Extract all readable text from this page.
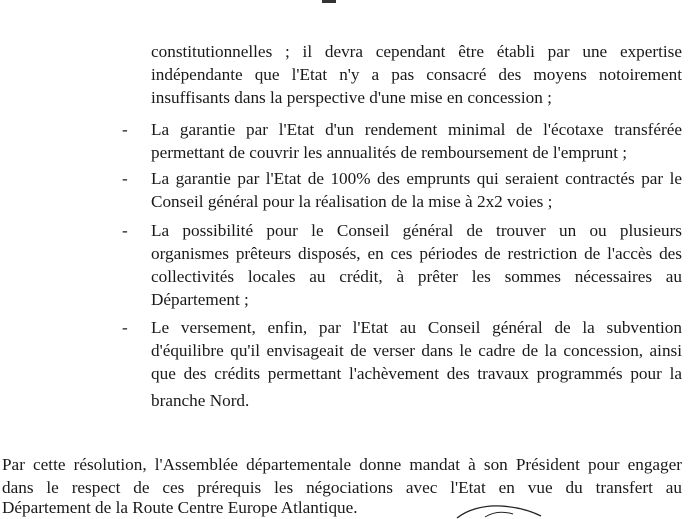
constitutionnelles ; il devra cependant être établi par une expertise

indépendante que l'Etat n'y a pas consacré des moyens notoirement

insuffisants dans la perspective d'une mise en concession ;

- La garantie par l'Etat d'un rendement minimal de l'écotaxe transférée

permettant de couvrir les annualités de remboursement de l'emprunt ;

- La garantie par l'Etat de 100% des emprunts qui seraient contractés par le

Conseil général pour la réalisation de la mise à 2x2 voies ;

- La possibilité pour le Conseil général de trouver un ou plusieurs

organismes prêteurs disposés, en ces périodes de restriction de l'accès des

collectivités locales au crédit, à prêter les sommes nécessaires au

Département ;

- Le versement, enfin, par l'Etat au Conseil général de la subvention

d'équilibre qu'il envisageait de verser dans le cadre de la concession, ainsi

que des crédits permettant l'achèvement des travaux programmés pour la

branche Nord.

Par cette résolution, l'Assemblée départementale donne mandat à son Président pour engager

dans le respect de ces prérequis les négociations avec l'Etat en vue du transfert au

Département de la Route Centre Europe Atlantique.
